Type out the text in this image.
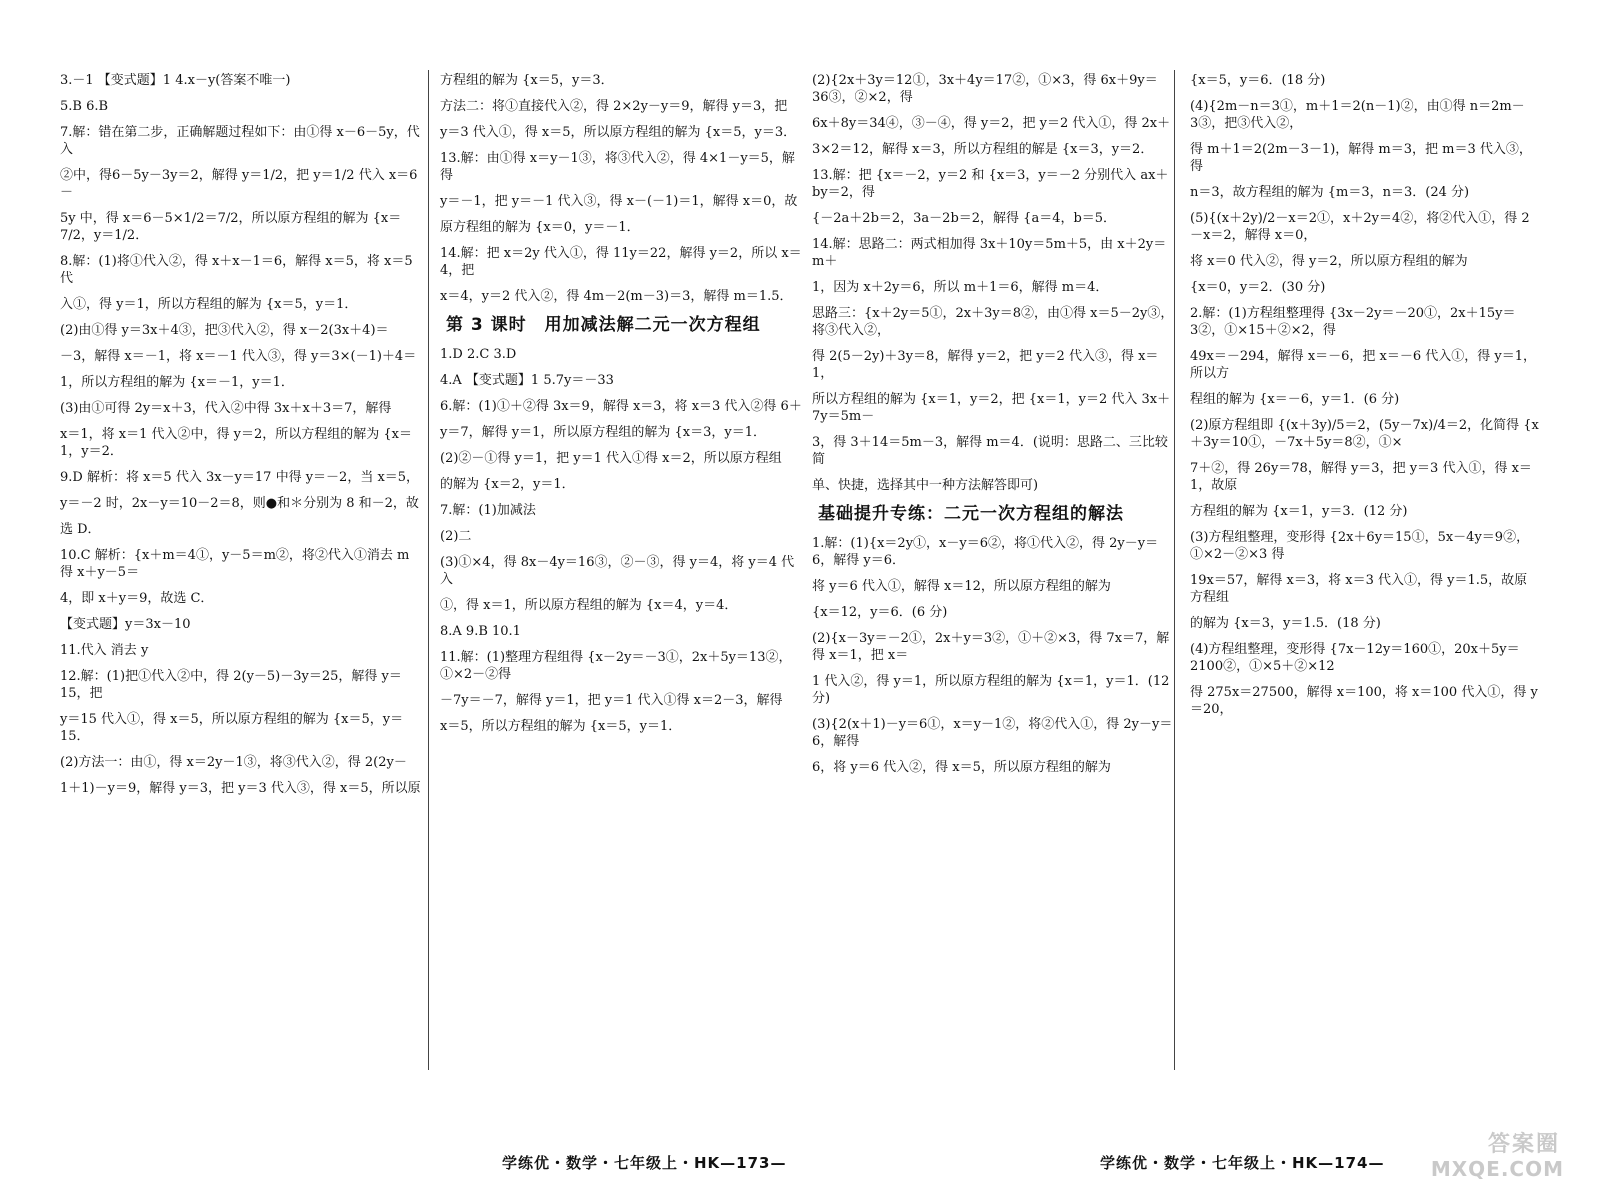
3.－1 【变式题】1 4.x－y(答案不唯一)

5.B 6.B

7.解：错在第二步，正确解题过程如下：由①得 x－6－5y，代入

②中，得6－5y－3y＝2，解得 y＝1/2，把 y＝1/2 代入 x＝6－

5y 中，得 x＝6－5×1/2＝7/2，所以原方程组的解为 {x＝7/2，y＝1/2．

8.解：(1)将①代入②，得 x＋x－1＝6，解得 x＝5，将 x＝5 代

入①，得 y＝1，所以方程组的解为 {x＝5，y＝1．

(2)由①得 y＝3x＋4③，把③代入②，得 x－2(3x＋4)＝

－3，解得 x＝－1，将 x＝－1 代入③，得 y＝3×(－1)＋4＝

1，所以方程组的解为 {x＝－1，y＝1．

(3)由①可得 2y＝x＋3，代入②中得 3x＋x＋3＝7，解得

x＝1，将 x＝1 代入②中，得 y＝2，所以方程组的解为 {x＝1，y＝2．

9.D 解析：将 x＝5 代入 3x－y＝17 中得 y＝－2，当 x＝5，

y＝－2 时，2x－y＝10－2＝8，则●和＊分别为 8 和－2，故

选 D．

10.C 解析：{x＋m＝4①，y－5＝m②，将②代入①消去 m 得 x＋y－5＝

4，即 x＋y＝9，故选 C．

【变式题】y＝3x－10

11.代入 消去 y

12.解：(1)把①代入②中，得 2(y－5)－3y＝25，解得 y＝15，把

y＝15 代入①，得 x＝5，所以原方程组的解为 {x＝5，y＝15．

(2)方法一：由①，得 x＝2y－1③，将③代入②，得 2(2y－

1＋1)－y＝9，解得 y＝3，把 y＝3 代入③，得 x＝5，所以原

方程组的解为 {x＝5，y＝3．

方法二：将①直接代入②，得 2×2y－y＝9，解得 y＝3，把

y＝3 代入①，得 x＝5，所以原方程组的解为 {x＝5，y＝3．

13.解：由①得 x＝y－1③，将③代入②，得 4×1－y＝5，解得

y＝－1，把 y＝－1 代入③，得 x－(－1)＝1，解得 x＝0，故

原方程组的解为 {x＝0，y＝－1．

14.解：把 x＝2y 代入①，得 11y＝22，解得 y＝2，所以 x＝4，把

x＝4，y＝2 代入②，得 4m－2(m－3)＝3，解得 m＝1.5．

第 3 课时　用加减法解二元一次方程组

1.D 2.C 3.D

4.A 【变式题】1 5.7y＝－33

6.解：(1)①＋②得 3x＝9，解得 x＝3，将 x＝3 代入②得 6＋

y＝7，解得 y＝1，所以原方程组的解为 {x＝3，y＝1．

(2)②－①得 y＝1，把 y＝1 代入①得 x＝2，所以原方程组

的解为 {x＝2，y＝1．

7.解：(1)加减法

(2)二

(3)①×4，得 8x－4y＝16③，②－③，得 y＝4，将 y＝4 代入

①，得 x＝1，所以原方程组的解为 {x＝4，y＝4．

8.A 9.B 10.1

11.解：(1)整理方程组得 {x－2y＝－3①，2x＋5y＝13②，①×2－②得

－7y＝－7，解得 y＝1，把 y＝1 代入①得 x＝2－3，解得

x＝5，所以方程组的解为 {x＝5，y＝1．

学练优・数学・七年级上・HK—173—

(2){2x＋3y＝12①，3x＋4y＝17②，①×3，得 6x＋9y＝36③，②×2，得

6x＋8y＝34④，③－④，得 y＝2，把 y＝2 代入①，得 2x＋

3×2＝12，解得 x＝3，所以方程组的解是 {x＝3，y＝2．

13.解：把 {x＝－2，y＝2 和 {x＝3，y＝－2 分别代入 ax＋by＝2，得

{－2a＋2b＝2，3a－2b＝2，解得 {a＝4，b＝5．

14.解：思路二：两式相加得 3x＋10y＝5m＋5，由 x＋2y＝m＋

1，因为 x＋2y＝6，所以 m＋1＝6，解得 m＝4．

思路三：{x＋2y＝5①，2x＋3y＝8②，由①得 x＝5－2y③，将③代入②，

得 2(5－2y)＋3y＝8，解得 y＝2，把 y＝2 代入③，得 x＝1，

所以方程组的解为 {x＝1，y＝2，把 {x＝1，y＝2 代入 3x＋7y＝5m－

3，得 3＋14＝5m－3，解得 m＝4．(说明：思路二、三比较简

单、快捷，选择其中一种方法解答即可)

基础提升专练：二元一次方程组的解法

1.解：(1){x＝2y①，x－y＝6②，将①代入②，得 2y－y＝6，解得 y＝6．

将 y＝6 代入①，解得 x＝12，所以原方程组的解为

{x＝12，y＝6．(6 分)

(2){x－3y＝－2①，2x＋y＝3②，①＋②×3，得 7x＝7，解得 x＝1，把 x＝

1 代入②，得 y＝1，所以原方程组的解为 {x＝1，y＝1．(12 分)

(3){2(x＋1)－y＝6①，x＝y－1②，将②代入①，得 2y－y＝6，解得

6，将 y＝6 代入②，得 x＝5，所以原方程组的解为

{x＝5，y＝6．(18 分)

(4){2m－n＝3①，m＋1＝2(n－1)②，由①得 n＝2m－3③，把③代入②，

得 m＋1＝2(2m－3－1)，解得 m＝3，把 m＝3 代入③，得

n＝3，故方程组的解为 {m＝3，n＝3．(24 分)

(5){(x＋2y)/2－x＝2①，x＋2y＝4②，将②代入①，得 2－x＝2，解得 x＝0，

将 x＝0 代入②，得 y＝2，所以原方程组的解为

{x＝0，y＝2．(30 分)

2.解：(1)方程组整理得 {3x－2y＝－20①，2x＋15y＝3②，①×15＋②×2，得

49x＝－294，解得 x＝－6，把 x＝－6 代入①，得 y＝1，所以方

程组的解为 {x＝－6，y＝1．(6 分)

(2)原方程组即 {(x＋3y)/5＝2，(5y－7x)/4＝2，化简得 {x＋3y＝10①，－7x＋5y＝8②，①×

7＋②，得 26y＝78，解得 y＝3，把 y＝3 代入①，得 x＝1，故原

方程组的解为 {x＝1，y＝3．(12 分)

(3)方程组整理，变形得 {2x＋6y＝15①，5x－4y＝9②，①×2－②×3 得

19x＝57，解得 x＝3，将 x＝3 代入①，得 y＝1.5，故原方程组

的解为 {x＝3，y＝1.5．(18 分)

(4)方程组整理，变形得 {7x－12y＝160①，20x＋5y＝2100②，①×5＋②×12

得 275x＝27500，解得 x＝100，将 x＝100 代入①，得 y＝20，

学练优・数学・七年级上・HK—174—
答案圈
MXQE.COM
